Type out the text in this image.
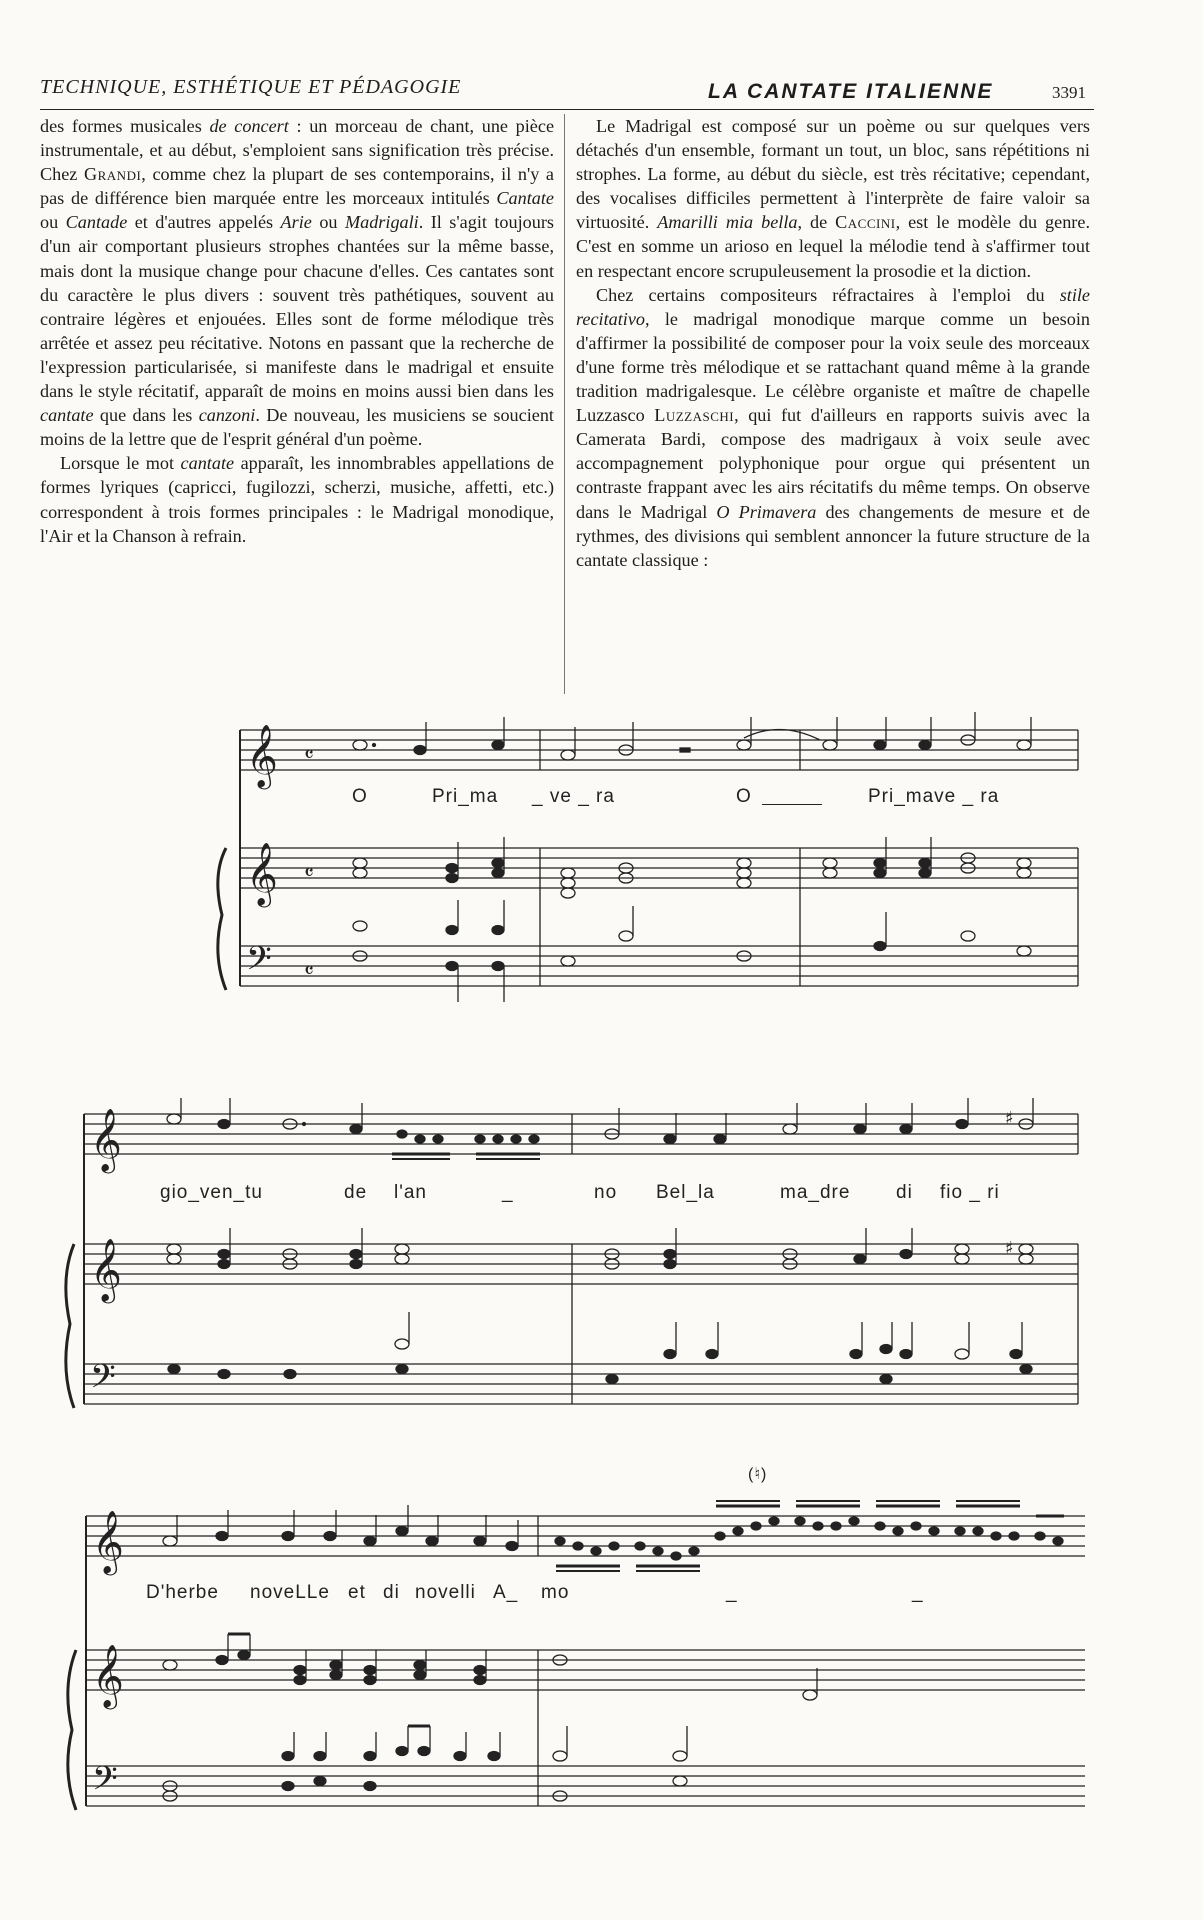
TECHNIQUE, ESTHÉTIQUE ET PÉDAGOGIE	LA CANTATE ITALIENNE	3391

des formes musicales de concert : un morceau de chant, une pièce instrumentale, et au début, s'emploient sans signification très précise. Chez Grandi, comme chez la plupart de ses contemporains, il n'y a pas de différence bien marquée entre les morceaux intitulés Cantate ou Cantade et d'autres appelés Arie ou Madrigali. Il s'agit toujours d'un air comportant plusieurs strophes chantées sur la même basse, mais dont la musique change pour chacune d'elles. Ces cantates sont du caractère le plus divers : souvent très pathétiques, souvent au contraire légères et enjouées. Elles sont de forme mélodique très arrêtée et assez peu récitative. Notons en passant que la recherche de l'expression particularisée, si manifeste dans le madrigal et ensuite dans le style récitatif, apparaît de moins en moins aussi bien dans les cantate que dans les canzoni. De nouveau, les musiciens se soucient moins de la lettre que de l'esprit général d'un poème.

Lorsque le mot cantate apparaît, les innombrables appellations de formes lyriques (capricci, fugilozzi, scherzi, musiche, affetti, etc.) correspondent à trois formes principales : le Madrigal monodique, l'Air et la Chanson à refrain.

Le Madrigal est composé sur un poème ou sur quelques vers détachés d'un ensemble, formant un tout, un bloc, sans répétitions ni strophes. La forme, au début du siècle, est très récitative; cependant, des vocalises difficiles permettent à l'interprète de faire valoir sa virtuosité. Amarilli mia bella, de Caccini, est le modèle du genre. C'est en somme un arioso en lequel la mélodie tend à s'affirmer tout en respectant encore scrupuleusement la prosodie et la diction.

Chez certains compositeurs réfractaires à l'emploi du stile recitativo, le madrigal monodique marque comme un besoin d'affirmer la possibilité de composer pour la voix seule des morceaux d'une forme très mélodique et se rattachant quand même à la grande tradition madrigalesque. Le célèbre organiste et maître de chapelle Luzzasco Luzzaschi, qui fut d'ailleurs en rapports suivis avec la Camerata Bardi, compose des madrigaux à voix seule avec accompagnement polyphonique pour orgue qui présentent un contraste frappant avec les airs récitatifs du même temps. On observe dans le Madrigal O Primavera des changements de mesure et de rythmes, des divisions qui semblent annoncer la future structure de la cantate classique :

𝄞
𝄞
𝄢
𝄴
𝄴
𝄴
O	Pri_ma _ ve _ ra	O	Pri_mave _ ra
𝄞
𝄞
𝄢
♯
♯
gio_ven_tu	de l'an	_	no Bel_la	ma_dre di fio _ ri
𝄞
𝄞
𝄢
(♮)
D'herbe noveLLe et di novelli A_ mo	_	_
